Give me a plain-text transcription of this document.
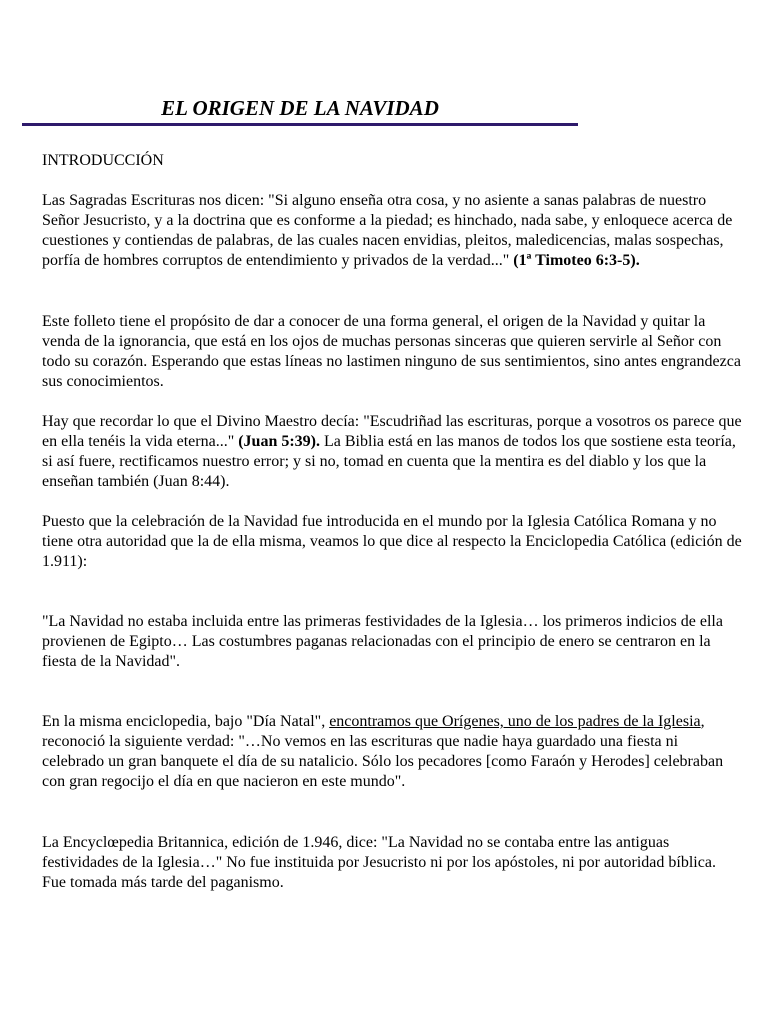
EL ORIGEN DE LA NAVIDAD

INTRODUCCIÓN

Las Sagradas Escrituras nos dicen: "Si alguno enseña otra cosa, y no asiente a sanas palabras de nuestro Señor Jesucristo, y a la doctrina que es conforme a la piedad; es hinchado, nada sabe, y enloquece acerca de cuestiones y contiendas de palabras, de las cuales nacen envidias, pleitos, maledicencias, malas sospechas, porfía de hombres corruptos de entendimiento y privados de la verdad..." (1ª Timoteo 6:3-5).

Este folleto tiene el propósito de dar a conocer de una forma general, el origen de la Navidad y quitar la venda de la ignorancia, que está en los ojos de muchas personas sinceras que quieren servirle al Señor con todo su corazón. Esperando que estas líneas no lastimen ninguno de sus sentimientos, sino antes engrandezca sus conocimientos.

Hay que recordar lo que el Divino Maestro decía: "Escudriñad las escrituras, porque a vosotros os parece que en ella tenéis la vida eterna..." (Juan 5:39). La Biblia está en las manos de todos los que sostiene esta teoría, si así fuere, rectificamos nuestro error; y si no, tomad en cuenta que la mentira es del diablo y los que la enseñan también (Juan 8:44).

Puesto que la celebración de la Navidad fue introducida en el mundo por la Iglesia Católica Romana y no tiene otra autoridad que la de ella misma, veamos lo que dice al respecto la Enciclopedia Católica (edición de 1.911):

"La Navidad no estaba incluida entre las primeras festividades de la Iglesia… los primeros indicios de ella provienen de Egipto… Las costumbres paganas relacionadas con el principio de enero se centraron en la fiesta de la Navidad".

En la misma enciclopedia, bajo "Día Natal", encontramos que Orígenes, uno de los padres de la Iglesia, reconoció la siguiente verdad: "…No vemos en las escrituras que nadie haya guardado una fiesta ni celebrado un gran banquete el día de su natalicio. Sólo los pecadores [como Faraón y Herodes] celebraban con gran regocijo el día en que nacieron en este mundo".

La Encyclœpedia Britannica, edición de 1.946, dice: "La Navidad no se contaba entre las antiguas festividades de la Iglesia…" No fue instituida por Jesucristo ni por los apóstoles, ni por autoridad bíblica. Fue tomada más tarde del paganismo.
